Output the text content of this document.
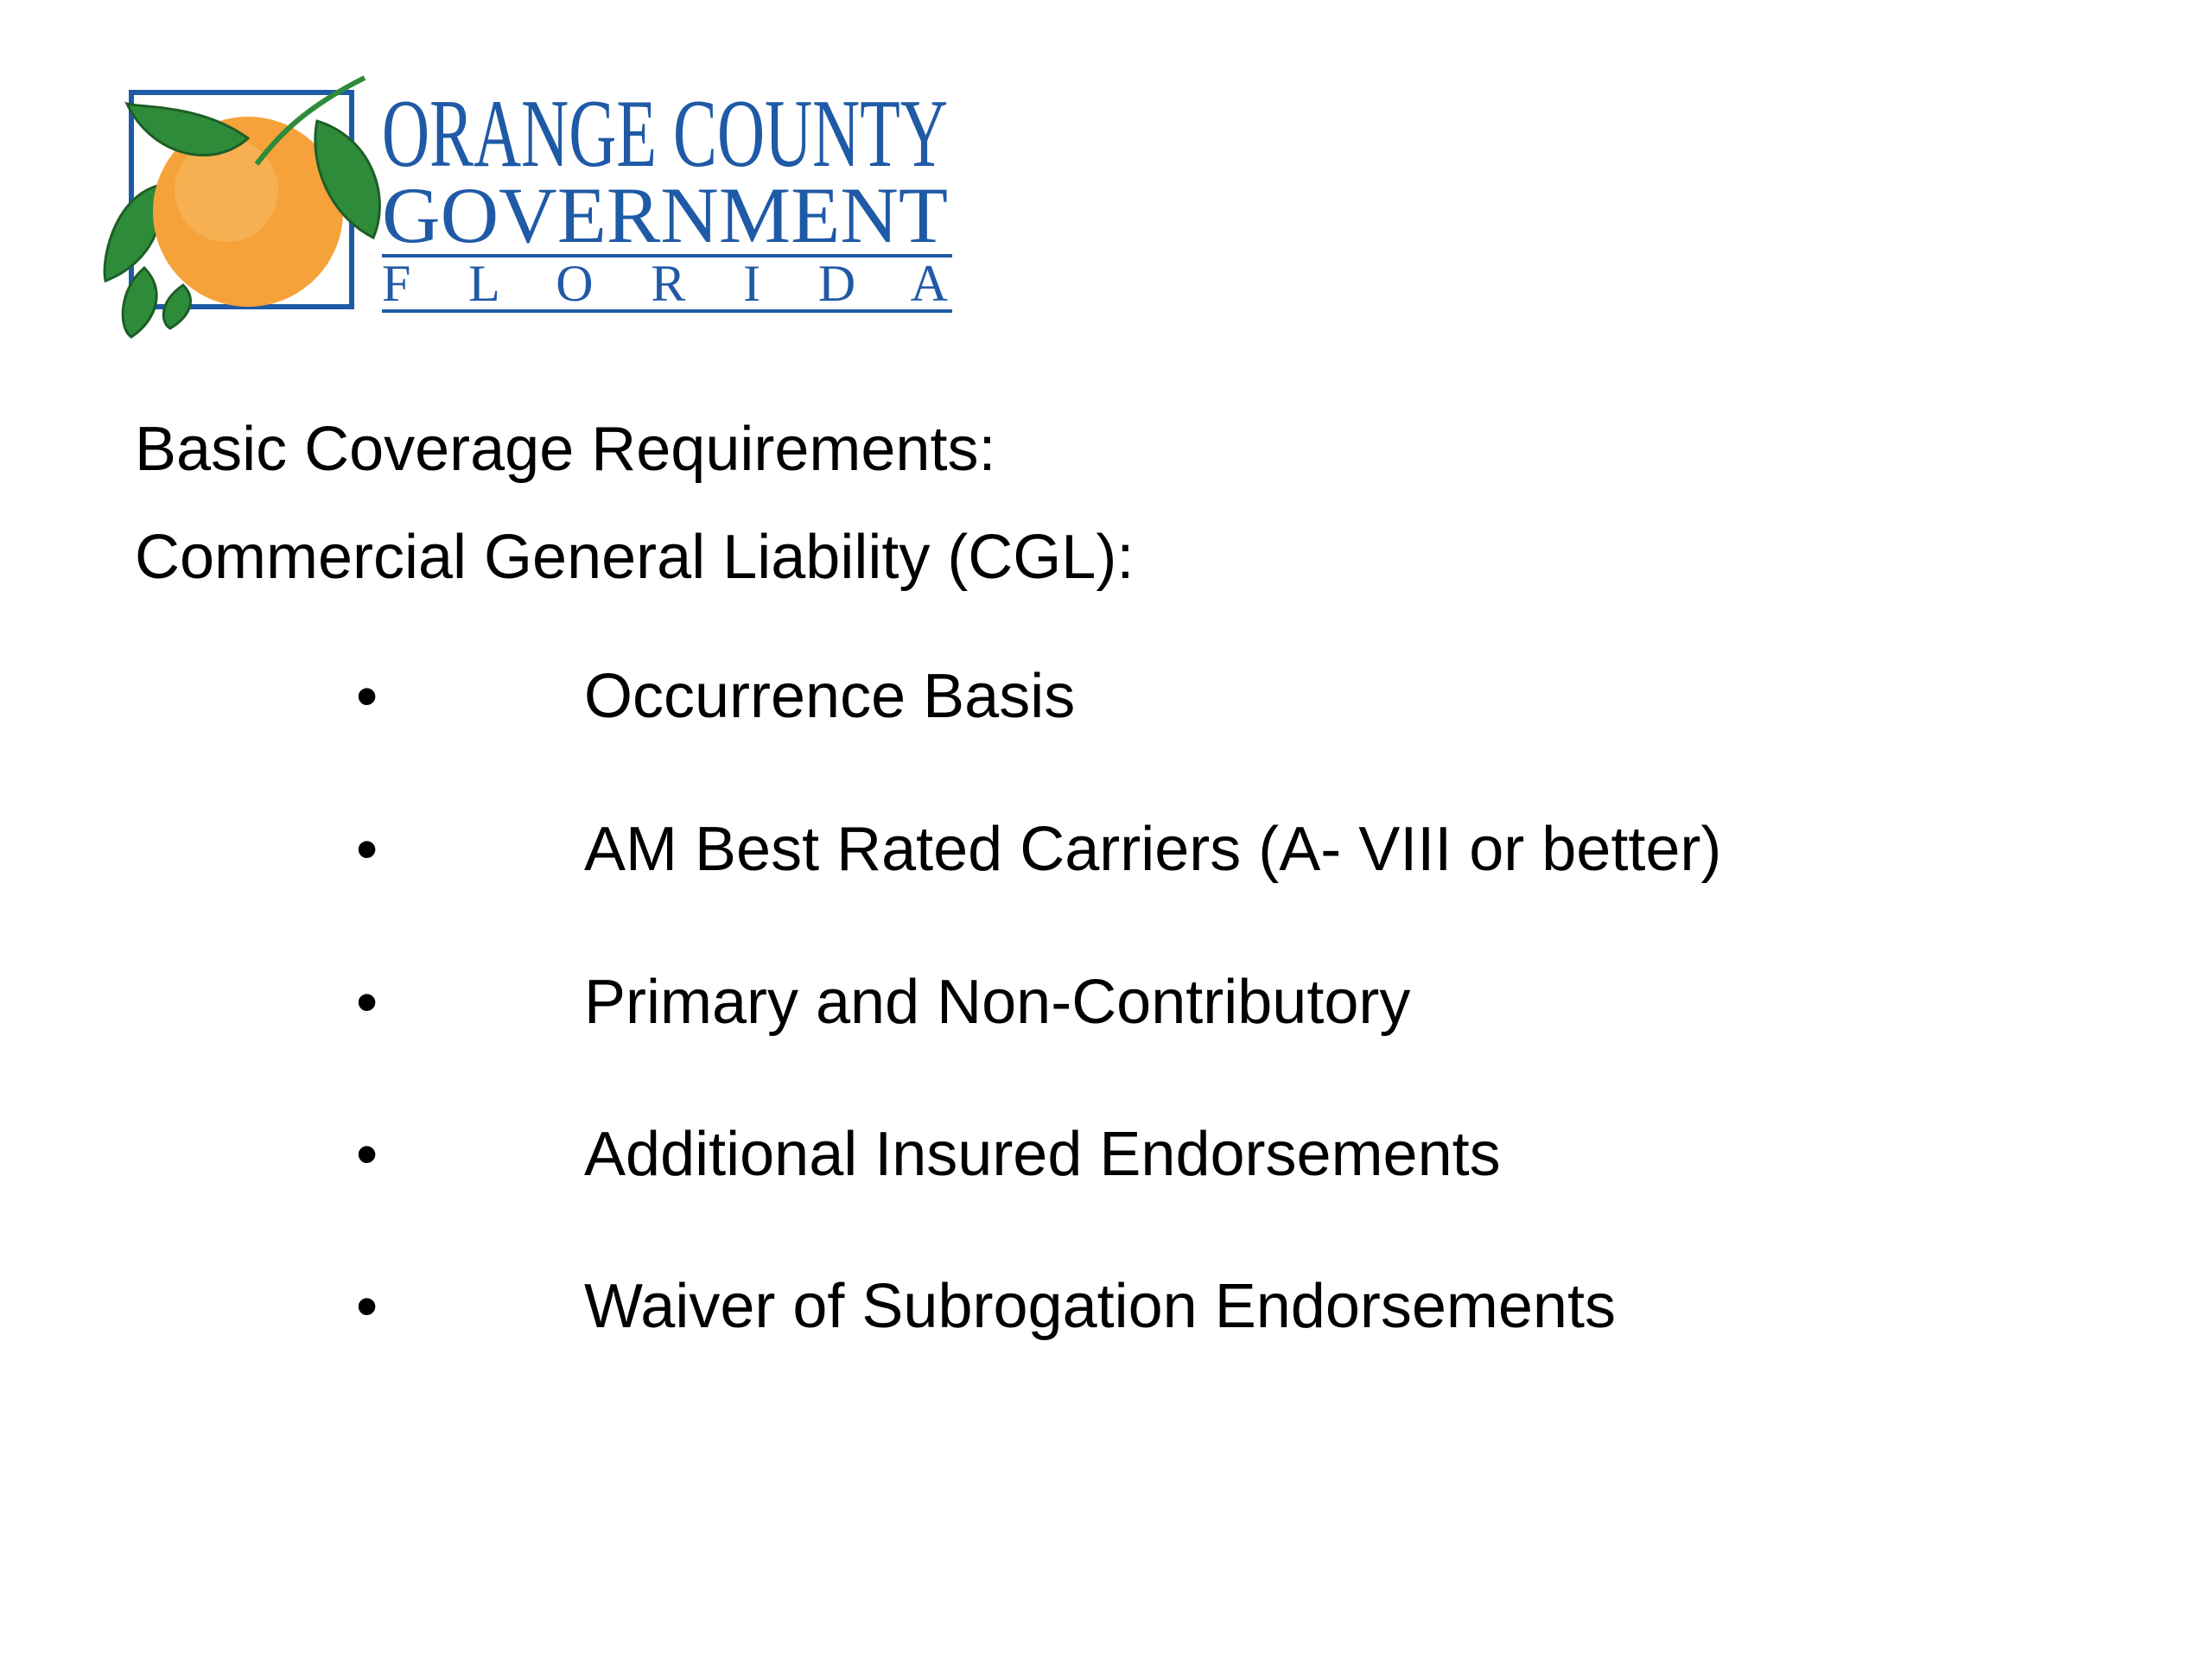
ORANGE COUNTY
GOVERNMENT
F L O R I D A
Basic Coverage Requirements:
Commercial General Liability (CGL):
•	Occurrence Basis
•	AM Best Rated Carriers (A- VIII or better)
•	Primary and Non-Contributory
•	Additional Insured Endorsements
•	Waiver of Subrogation Endorsements
